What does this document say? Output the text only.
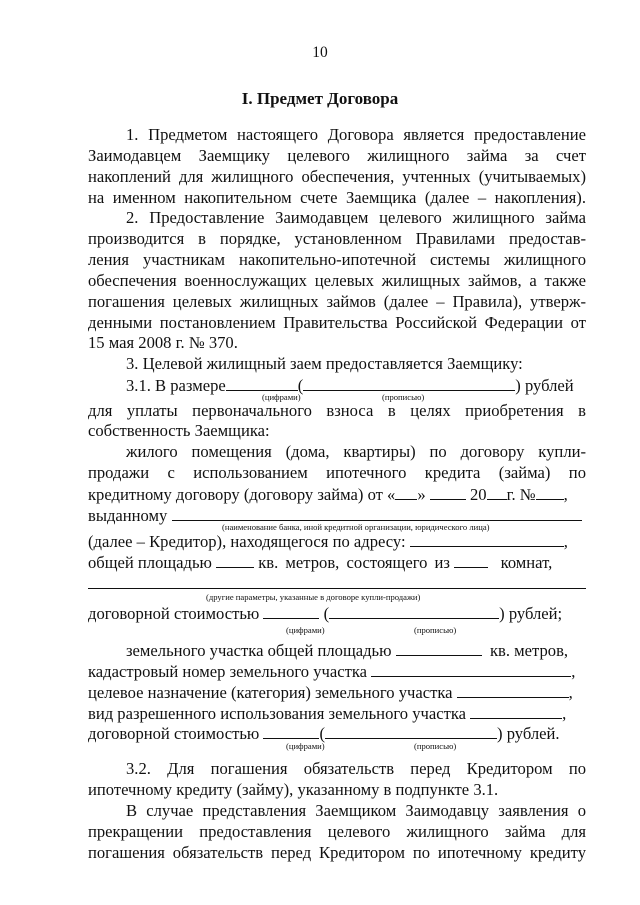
10
I. Предмет Договора
1. Предметом настоящего Договора является предоставление
Заимодавцем Заемщику целевого жилищного займа за счет
накоплений для жилищного обеспечения, учтенных (учитываемых)
на именном накопительном счете Заемщика (далее – накопления).
2. Предоставление Заимодавцем целевого жилищного займа
производится в порядке, установленном Правилами предостав-
ления участникам накопительно-ипотечной системы жилищного
обеспечения военнослужащих целевых жилищных займов, а также
погашения целевых жилищных займов (далее – Правила), утверж-
денными постановлением Правительства Российской Федерации от
15 мая 2008 г. № 370.
3. Целевой жилищный заем предоставляется Заемщику:
3.1. В размере	(	) рублей
(цифрами)	(прописью)
для уплаты первоначального взноса в целях приобретения в
собственность Заемщика:
жилого помещения (дома, квартиры) по договору купли-
продажи с использованием ипотечного кредита (займа) по
кредитному договору (договору займа) от « »	20 г. № ,
выданному
(наименование банка, иной кредитной организации, юридического лица)
(далее – Кредитор), находящегося по адресу:	,
общей площадью	кв. метров, состоящего из	комнат,
(другие параметры, указанные в договоре купли-продажи)
договорной стоимостью	(	) рублей;
(цифрами)	(прописью)
земельного участка общей площадью	кв. метров,
кадастровый номер земельного участка	,
целевое назначение (категория) земельного участка	,
вид разрешенного использования земельного участка	,
договорной стоимостью	(	) рублей.
(цифрами)	(прописью)
3.2. Для погашения обязательств перед Кредитором по
ипотечному кредиту (займу), указанному в подпункте 3.1.
В случае представления Заемщиком Заимодавцу заявления о
прекращении предоставления целевого жилищного займа для
погашения обязательств перед Кредитором по ипотечному кредиту
